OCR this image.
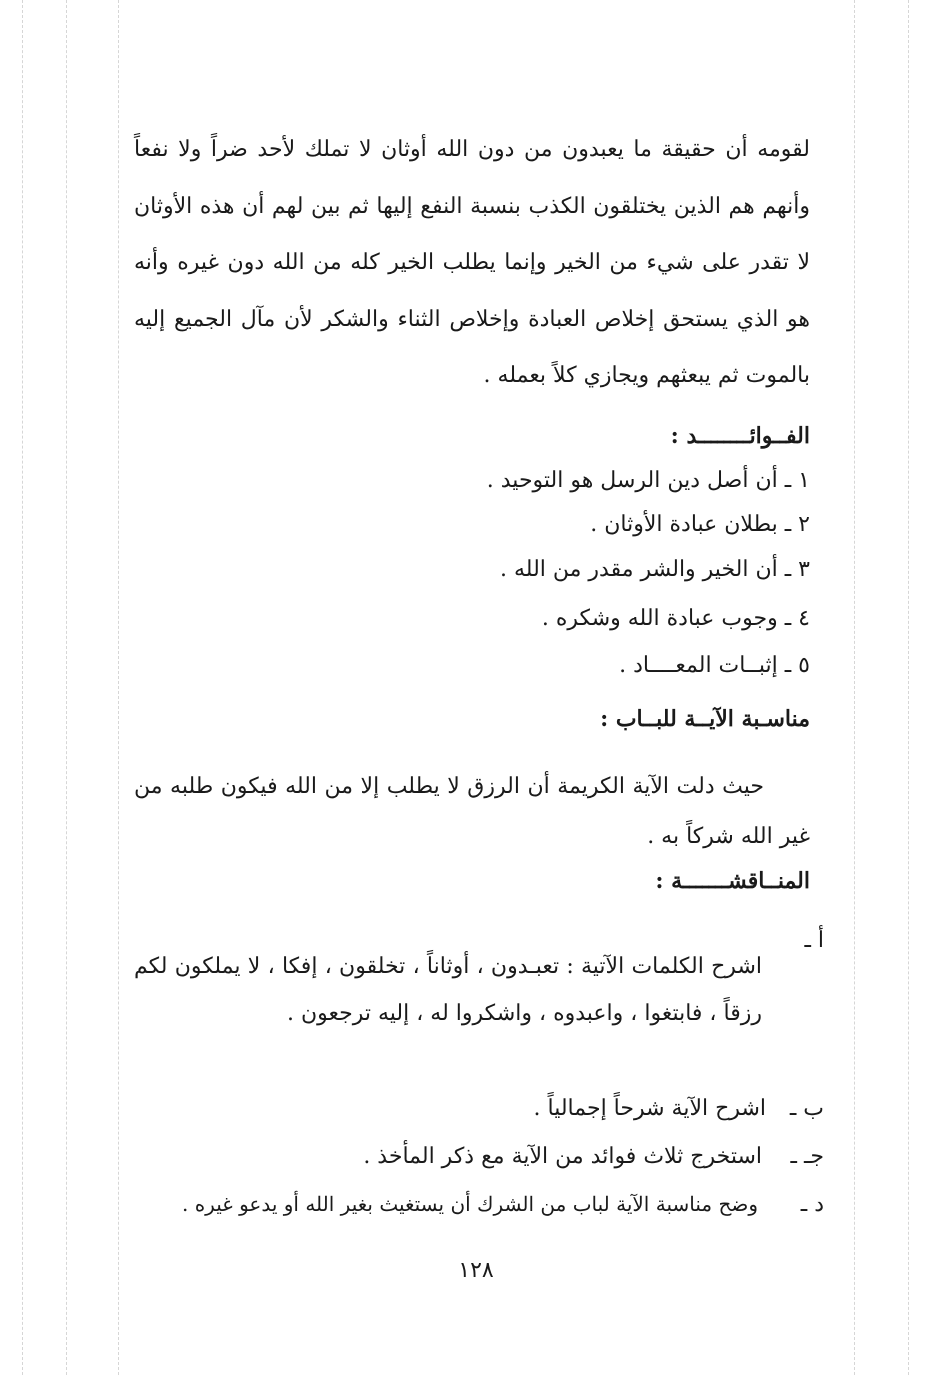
لقومه أن حقيقة ما يعبدون من دون الله أوثان لا تملك لأحد ضراً ولا نفعاً وأنهم هم الذين يختلقون الكذب بنسبة النفع إليها ثم بين لهم أن هذه الأوثان لا تقدر على شيء من الخير وإنما يطلب الخير كله من الله دون غيره وأنه هو الذي يستحق إخلاص العبادة وإخلاص الثناء والشكر لأن مآل الجميع إليه بالموت ثم يبعثهم ويجازي كلاً بعمله .
الفــوائــــــــد :
١ ـ أن أصل دين الرسل هو التوحيد .
٢ ـ بطلان عبادة الأوثان .
٣ ـ أن الخير والشر مقدر من الله .
٤ ـ وجوب عبادة الله وشكره .
٥ ـ إثبــات المعــــاد .
مناسـبة الآيــة للبــاب :
حيث دلت الآية الكريمة أن الرزق لا يطلب إلا من الله فيكون طلبه من غير الله شركاً به .
المنــاقشـــــــة :
أ ـ
اشرح الكلمات الآتية : تعبـدون ، أوثاناً ، تخلقون ، إفكا ، لا يملكون لكم رزقاً ، فابتغوا ، واعبدوه ، واشكروا له ، إليه ترجعون .
ب ـ
اشرح الآية شرحاً إجمالياً .
جـ ـ
استخرج ثلاث فوائد من الآية مع ذكر المأخذ .
د ـ
وضح مناسبة الآية لباب من الشرك أن يستغيث بغير الله أو يدعو غيره .
١٢٨
